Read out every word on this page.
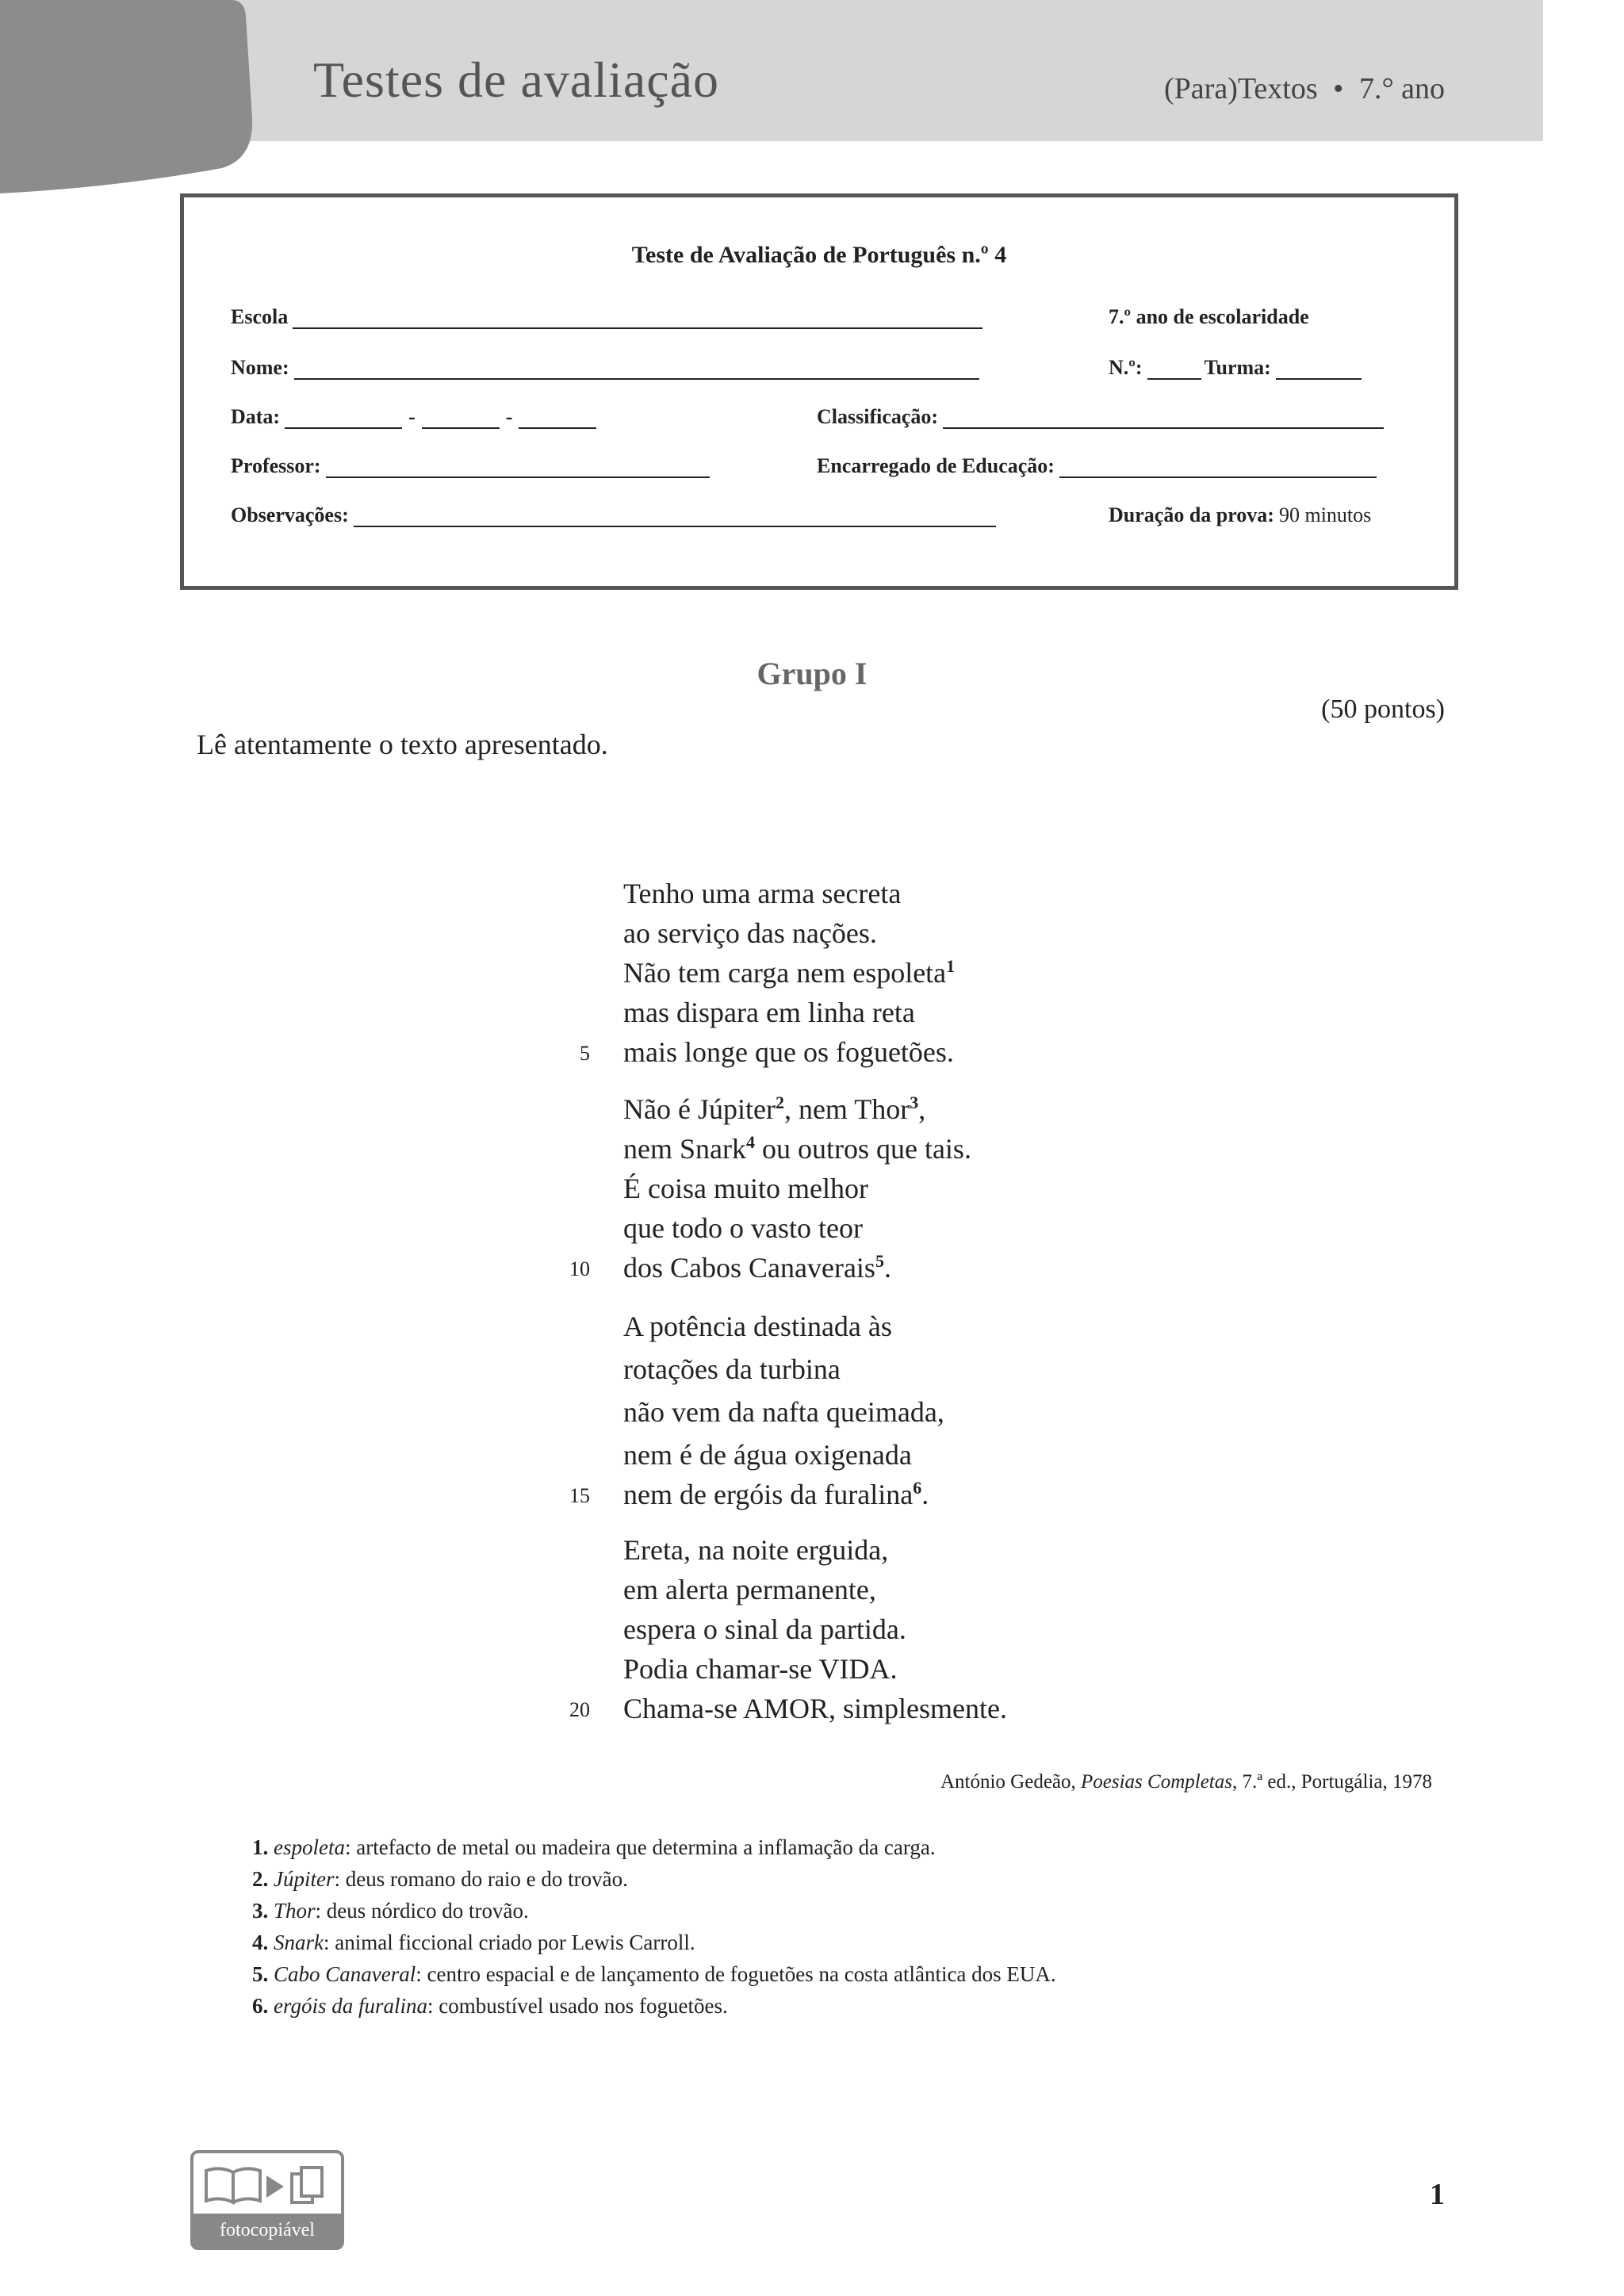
Testes de avaliação	(Para)Textos • 7.° ano
Teste de Avaliação de Português n.º 4
Escola	7.º ano de escolaridade
Nome:	N.º:	Turma:
Data:	-	-	Classificação:
Professor:	Encarregado de Educação:
Observações:	Duração da prova: 90 minutos
Grupo I
(50 pontos)
Lê atentamente o texto apresentado.
Tenho uma arma secreta
ao serviço das nações.
Não tem carga nem espoleta$^1$
mas dispara em linha reta
mais longe que os foguetões.
5
Não é Júpiter$^2$, nem Thor$^3$,
nem Snark$^4$ ou outros que tais.
É coisa muito melhor
que todo o vasto teor
dos Cabos Canaverais$^5$.
10
A potência destinada às
rotações da turbina
não vem da nafta queimada,
nem é de água oxigenada
nem de ergóis da furalina$^6$.
15
Ereta, na noite erguida,
em alerta permanente,
espera o sinal da partida.
Podia chamar-se VIDA.
Chama-se AMOR, simplesmente.
20
António Gedeão, Poesias Completas, 7.ª ed., Portugália, 1978
1. espoleta: artefacto de metal ou madeira que determina a inflamação da carga.
2. Júpiter: deus romano do raio e do trovão.
3. Thor: deus nórdico do trovão.
4. Snark: animal ficcional criado por Lewis Carroll.
5. Cabo Canaveral: centro espacial e de lançamento de foguetões na costa atlântica dos EUA.
6. ergóis da furalina: combustível usado nos foguetões.
fotocopiável
1
